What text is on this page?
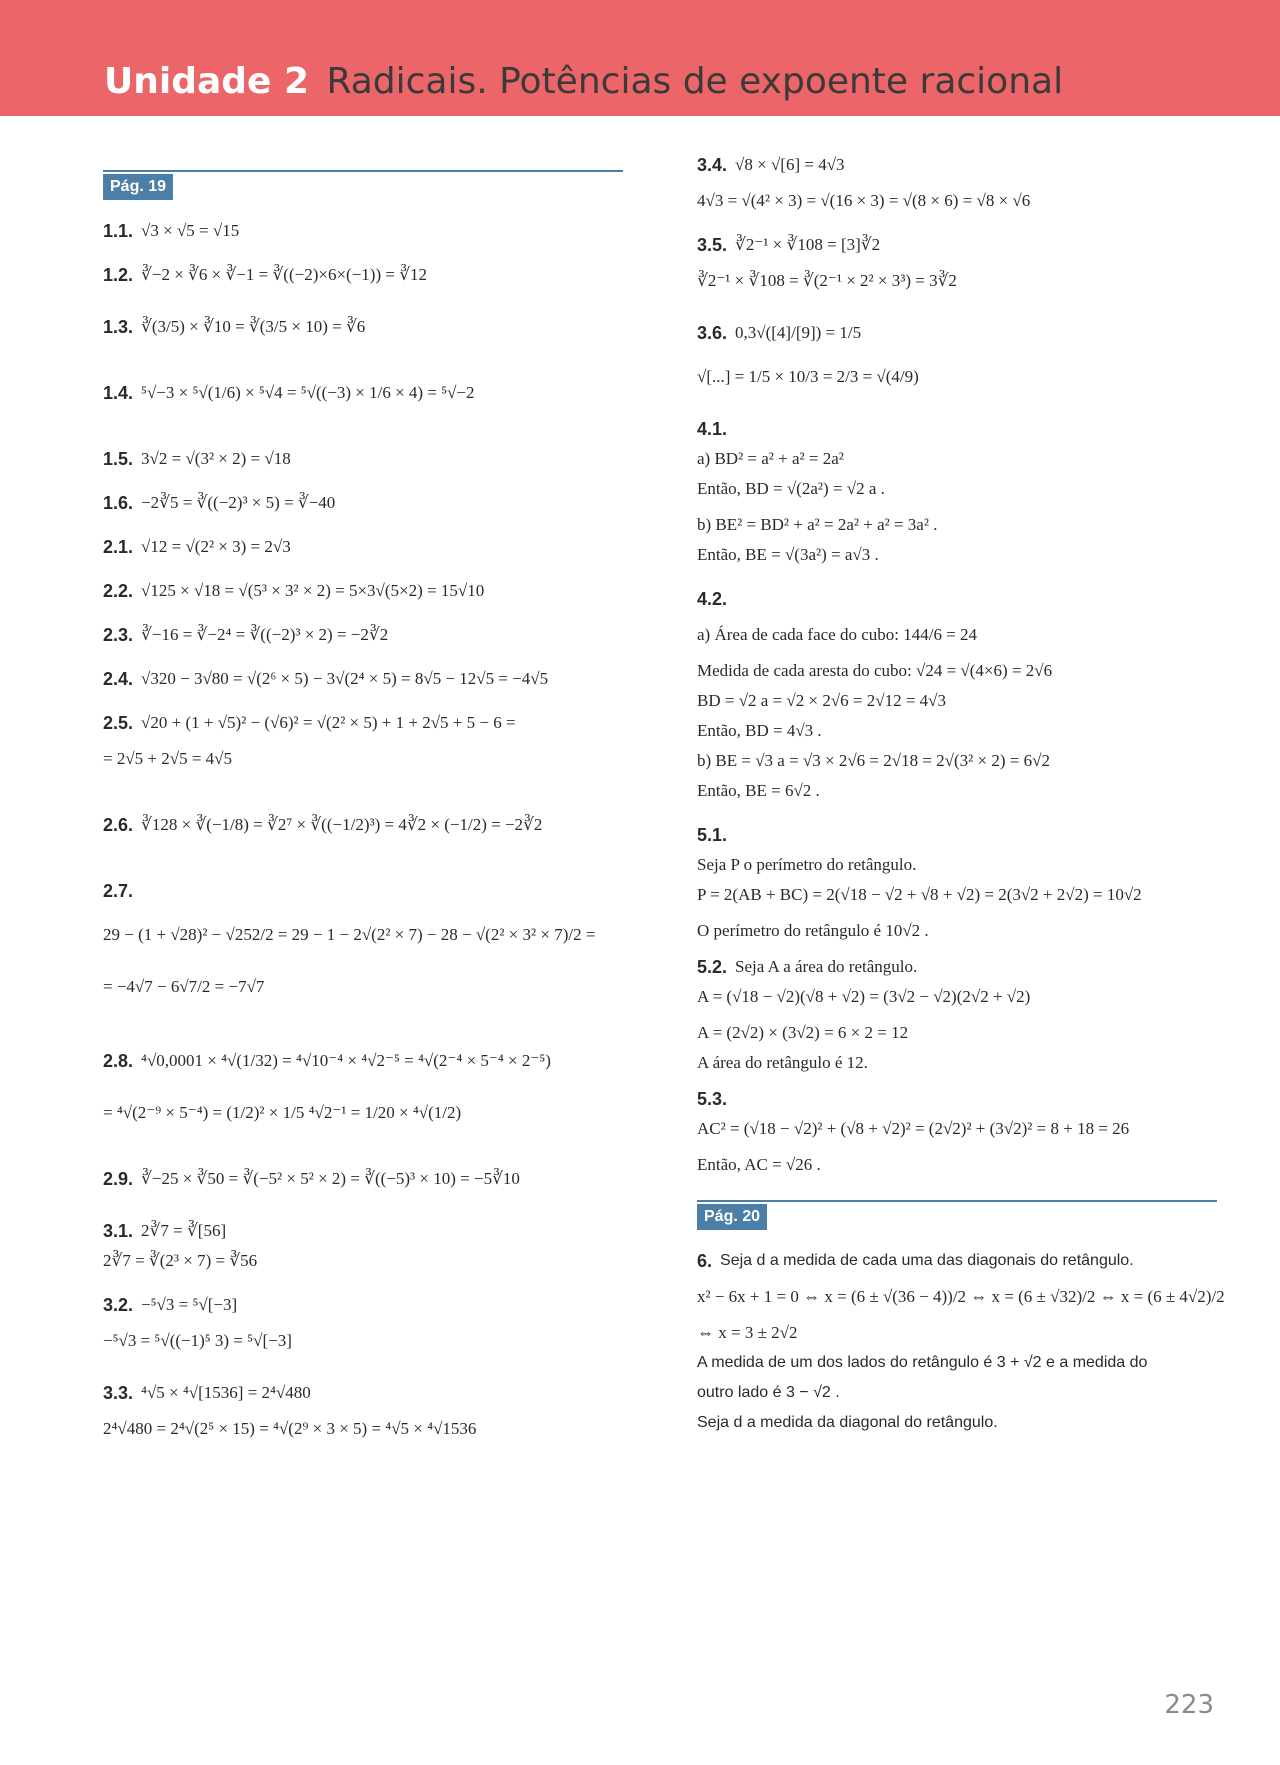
Unidade 2 Radicais. Potências de expoente racional
Pág. 19
1.1. √3 × √5 = √15
1.2. ∛−2 × ∛6 × ∛−1 = ∛((−2)×6×(−1)) = ∛12
1.3. ∛(3/5) × ∛10 = ∛(3/5 × 10) = ∛6
1.4. ⁵√−3 × ⁵√(1/6) × ⁵√4 = ⁵√((−3) × 1/6 × 4) = ⁵√−2
1.5. 3√2 = √(3² × 2) = √18
1.6. −2∛5 = ∛((−2)³ × 5) = ∛−40
2.1. √12 = √(2² × 3) = 2√3
2.2. √125 × √18 = √(5³ × 3² × 2) = 5×3√(5×2) = 15√10
2.3. ∛−16 = ∛−2⁴ = ∛((−2)³ × 2) = −2∛2
2.4. √320 − 3√80 = √(2⁶ × 5) − 3√(2⁴ × 5) = 8√5 − 12√5 = −4√5
2.5. √20 + (1 + √5)² − (√6)² = √(2² × 5) + 1 + 2√5 + 5 − 6 =
= 2√5 + 2√5 = 4√5
2.6. ∛128 × ∛(−1/8) = ∛2⁷ × ∛((−1/2)³) = 4∛2 × (−1/2) = −2∛2
2.7.
29 − (1 + √28)² − √252/2 = 29 − 1 − 2√(2² × 7) − 28 − √(2² × 3² × 7)/2 =
= −4√7 − 6√7/2 = −7√7
2.8. ⁴√0,0001 × ⁴√(1/32) = ⁴√10⁻⁴ × ⁴√2⁻⁵ = ⁴√(2⁻⁴ × 5⁻⁴ × 2⁻⁵)
= ⁴√(2⁻⁹ × 5⁻⁴) = (1/2)² × 1/5 ⁴√2⁻¹ = 1/20 × ⁴√(1/2)
2.9. ∛−25 × ∛50 = ∛(−5² × 5² × 2) = ∛((−5)³ × 10) = −5∛10
3.1. 2∛7 = ∛[56]
2∛7 = ∛(2³ × 7) = ∛56
3.2. −⁵√3 = ⁵√[−3]
−⁵√3 = ⁵√((−1)⁵ 3) = ⁵√[−3]
3.3. ⁴√5 × ⁴√[1536] = 2⁴√480
2⁴√480 = 2⁴√(2⁵ × 15) = ⁴√(2⁹ × 3 × 5) = ⁴√5 × ⁴√1536
3.4. √8 × √[6] = 4√3
4√3 = √(4² × 3) = √(16 × 3) = √(8 × 6) = √8 × √6
3.5. ∛2⁻¹ × ∛108 = [3]∛2
∛2⁻¹ × ∛108 = ∛(2⁻¹ × 2² × 3³) = 3∛2
3.6. 0,3√([4]/[9]) = 1/5
√[...] = 1/5 × 10/3 = 2/3 = √(4/9)
4.1.
a) BD² = a² + a² = 2a²
Então, BD = √(2a²) = √2 a .
b) BE² = BD² + a² = 2a² + a² = 3a² .
Então, BE = √(3a²) = a√3 .
4.2.
a) Área de cada face do cubo: 144/6 = 24
Medida de cada aresta do cubo: √24 = √(4×6) = 2√6
BD = √2 a = √2 × 2√6 = 2√12 = 4√3
Então, BD = 4√3 .
b) BE = √3 a = √3 × 2√6 = 2√18 = 2√(3² × 2) = 6√2
Então, BE = 6√2 .
5.1.
Seja P o perímetro do retângulo.
P = 2(AB + BC) = 2(√18 − √2 + √8 + √2) = 2(3√2 + 2√2) = 10√2
O perímetro do retângulo é 10√2 .
5.2. Seja A a área do retângulo.
A = (√18 − √2)(√8 + √2) = (3√2 − √2)(2√2 + √2)
A = (2√2) × (3√2) = 6 × 2 = 12
A área do retângulo é 12.
5.3.
AC² = (√18 − √2)² + (√8 + √2)² = (2√2)² + (3√2)² = 8 + 18 = 26
Então, AC = √26 .
Pág. 20
6. Seja d a medida de cada uma das diagonais do retângulo.
x² − 6x + 1 = 0 ⇔ x = (6 ± √(36 − 4))/2 ⇔ x = (6 ± √32)/2 ⇔ x = (6 ± 4√2)/2
⇔ x = 3 ± 2√2
A medida de um dos lados do retângulo é 3 + √2 e a medida do
outro lado é 3 − √2 .
Seja d a medida da diagonal do retângulo.
223
